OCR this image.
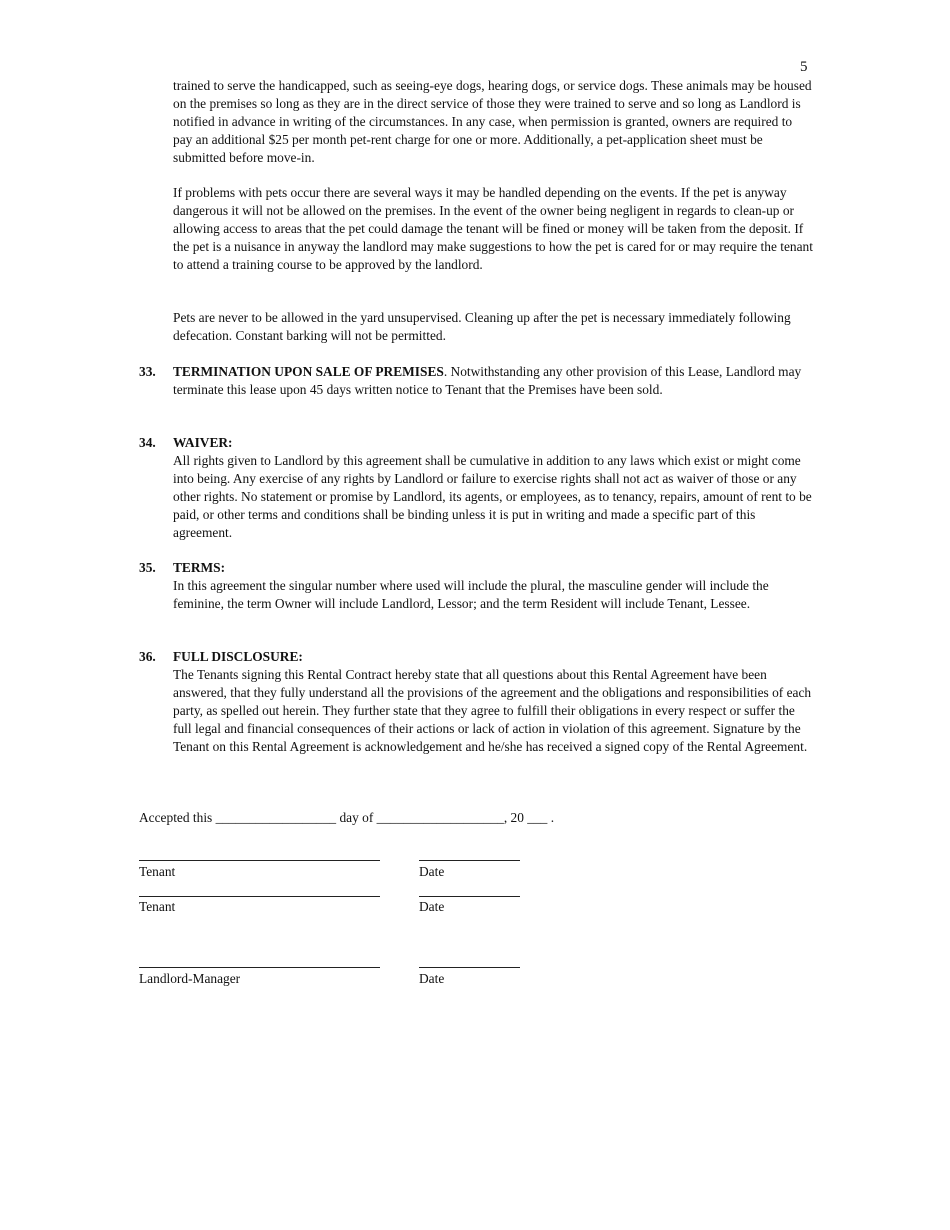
5

trained to serve the handicapped, such as seeing-eye dogs, hearing dogs, or service dogs. These animals may be housed on the premises so long as they are in the direct service of those they were trained to serve and so long as Landlord is notified in advance in writing of the circumstances. In any case, when permission is granted, owners are required to pay an additional $25 per month pet-rent charge for one or more. Additionally, a pet-application sheet must be submitted before move-in.

If problems with pets occur there are several ways it may be handled depending on the events. If the pet is anyway dangerous it will not be allowed on the premises. In the event of the owner being negligent in regards to clean-up or allowing access to areas that the pet could damage the tenant will be fined or money will be taken from the deposit. If the pet is a nuisance in anyway the landlord may make suggestions to how the pet is cared for or may require the tenant to attend a training course to be approved by the landlord.

Pets are never to be allowed in the yard unsupervised. Cleaning up after the pet is necessary immediately following defecation. Constant barking will not be permitted.

33. TERMINATION UPON SALE OF PREMISES. Notwithstanding any other provision of this Lease, Landlord may terminate this lease upon 45 days written notice to Tenant that the Premises have been sold.
34. WAIVER:
All rights given to Landlord by this agreement shall be cumulative in addition to any laws which exist or might come into being. Any exercise of any rights by Landlord or failure to exercise rights shall not act as waiver of those or any other rights. No statement or promise by Landlord, its agents, or employees, as to tenancy, repairs, amount of rent to be paid, or other terms and conditions shall be binding unless it is put in writing and made a specific part of this agreement.
35. TERMS:
In this agreement the singular number where used will include the plural, the masculine gender will include the feminine, the term Owner will include Landlord, Lessor; and the term Resident will include Tenant, Lessee.
36. FULL DISCLOSURE:
The Tenants signing this Rental Contract hereby state that all questions about this Rental Agreement have been answered, that they fully understand all the provisions of the agreement and the obligations and responsibilities of each party, as spelled out herein. They further state that they agree to fulfill their obligations in every respect or suffer the full legal and financial consequences of their actions or lack of action in violation of this agreement. Signature by the Tenant on this Rental Agreement is acknowledgement and he/she has received a signed copy of the Rental Agreement.
Accepted this __________________ day of ___________________, 20 ___ .
Tenant	Date
Tenant	Date
Landlord-Manager	Date
